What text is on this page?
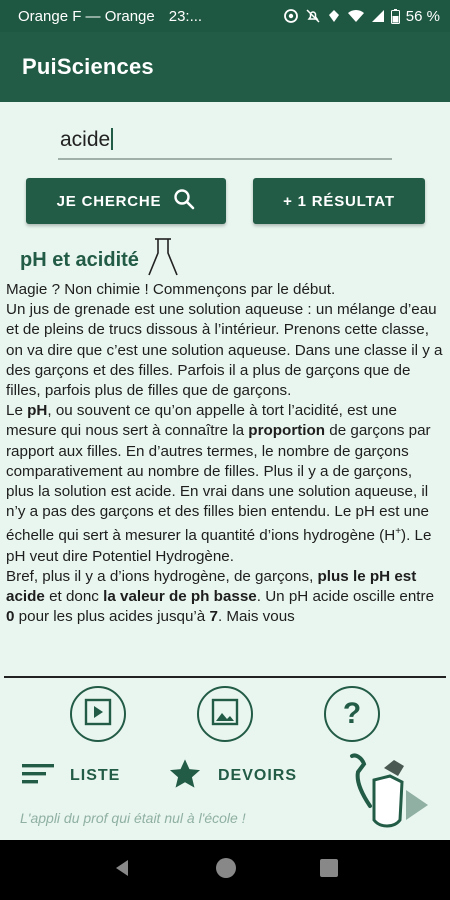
Orange F — Orange 23:...	56 %
PuiSciences
acide
JE CHERCHE	+ 1 RÉSULTAT
pH et acidité
Magie ? Non chimie ! Commençons par le début.
Un jus de grenade est une solution aqueuse : un mélange d’eau et de pleins de trucs dissous à l’intérieur. Prenons cette classe, on va dire que c’est une solution aqueuse. Dans une classe il y a des garçons et des filles. Parfois il a plus de garçons que de filles, parfois plus de filles que de garçons.
Le pH, ou souvent ce qu’on appelle à tort l’acidité, est une mesure qui nous sert à connaître la proportion de garçons par rapport aux filles. En d’autres termes, le nombre de garçons comparativement au nombre de filles. Plus il y a de garçons, plus la solution est acide. En vrai dans une solution aqueuse, il n’y a pas des garçons et des filles bien entendu. Le pH est une échelle qui sert à mesurer la quantité d’ions hydrogène (H+). Le pH veut dire Potentiel Hydrogène.
Bref, plus il y a d’ions hydrogène, de garçons, plus le pH est acide et donc la valeur de ph basse. Un pH acide oscille entre 0 pour les plus acides jusqu’à 7. Mais vous
?
LISTE	DEVOIRS
L'appli du prof qui était nul à l'école !
